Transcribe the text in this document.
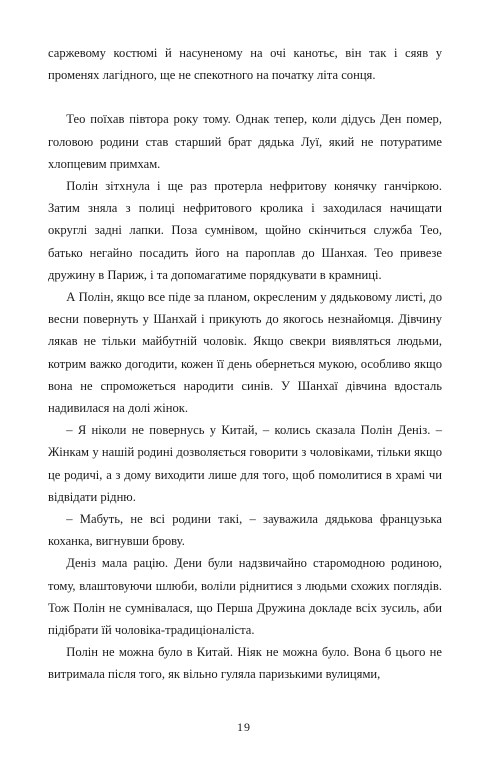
саржевому костюмі й насуненому на очі канотьє, він так і сяяв у променях лагідного, ще не спекотного на початку літа сонця.

Тео поїхав півтора року тому. Однак тепер, коли дідусь Ден помер, головою родини став старший брат дядька Луї, який не потуратиме хлопцевим примхам.

Полін зітхнула і ще раз протерла нефритову конячку ганчіркою. Затим зняла з полиці нефритового кролика і заходилася начищати округлі задні лапки. Поза сумнівом, щойно скінчиться служба Тео, батько негайно посадить його на пароплав до Шанхая. Тео привезе дружину в Париж, і та допомагатиме порядкувати в крамниці.

А Полін, якщо все піде за планом, окресленим у дядьковому листі, до весни повернуть у Шанхай і прикують до якогось незнайомця. Дівчину лякав не тільки майбутній чоловік. Якщо свекри виявляться людьми, котрим важко догодити, кожен її день обернеться мукою, особливо якщо вона не спроможеться народити синів. У Шанхаї дівчина вдосталь надивилася на долі жінок.

– Я ніколи не повернусь у Китай, – колись сказала Полін Деніз. – Жінкам у нашій родині дозволяється говорити з чоловіками, тільки якщо це родичі, а з дому виходити лише для того, щоб помолитися в храмі чи відвідати рідню.

– Мабуть, не всі родини такі, – зауважила дядькова французька коханка, вигнувши брову.

Деніз мала рацію. Дени були надзвичайно старомодною родиною, тому, влаштовуючи шлюби, воліли ріднитися з людьми схожих поглядів. Тож Полін не сумнівалася, що Перша Дружина докладе всіх зусиль, аби підібрати їй чоловіка-традиціоналіста.

Полін не можна було в Китай. Ніяк не можна було. Вона б цього не витримала після того, як вільно гуляла паризькими вулицями,

19
